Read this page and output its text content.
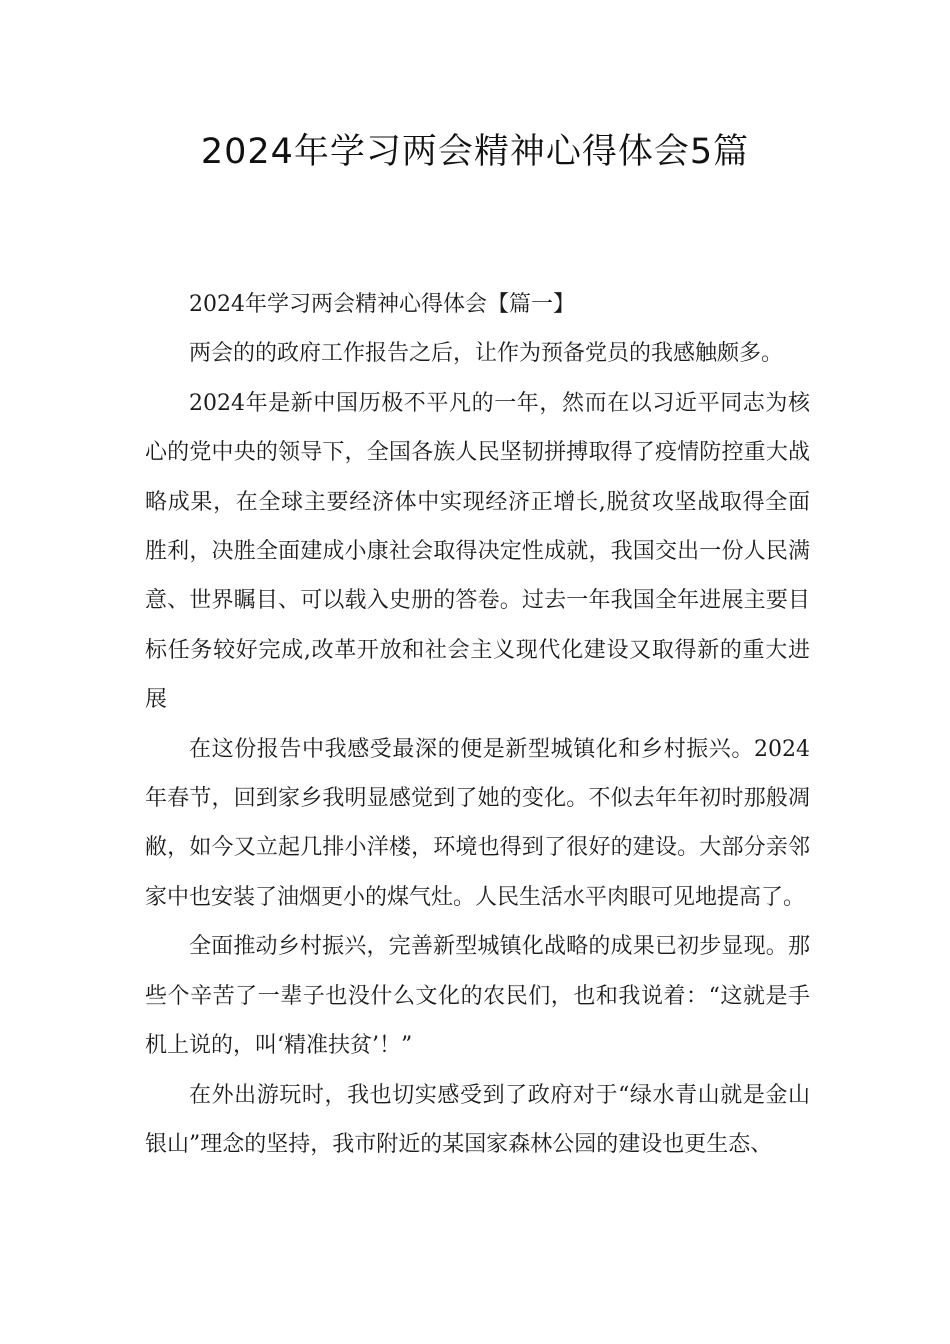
2024年学习两会精神心得体会5篇

2024年学习两会精神心得体会【篇一】

两会的的政府工作报告之后，让作为预备党员的我感触颇多。

2024年是新中国历极不平凡的一年，然而在以习近平同志为核心的党中央的领导下，全国各族人民坚韧拼搏取得了疫情防控重大战略成果，在全球主要经济体中实现经济正增长,脱贫攻坚战取得全面胜利，决胜全面建成小康社会取得决定性成就，我国交出一份人民满意、世界瞩目、可以载入史册的答卷。过去一年我国全年进展主要目标任务较好完成,改革开放和社会主义现代化建设又取得新的重大进展

在这份报告中我感受最深的便是新型城镇化和乡村振兴。2024年春节，回到家乡我明显感觉到了她的变化。不似去年年初时那般凋敝，如今又立起几排小洋楼，环境也得到了很好的建设。大部分亲邻家中也安装了油烟更小的煤气灶。人民生活水平肉眼可见地提高了。

全面推动乡村振兴，完善新型城镇化战略的成果已初步显现。那些个辛苦了一辈子也没什么文化的农民们，也和我说着：“这就是手机上说的，叫‘精准扶贫’！”

在外出游玩时，我也切实感受到了政府对于“绿水青山就是金山银山”理念的坚持，我市附近的某国家森林公园的建设也更生态、
